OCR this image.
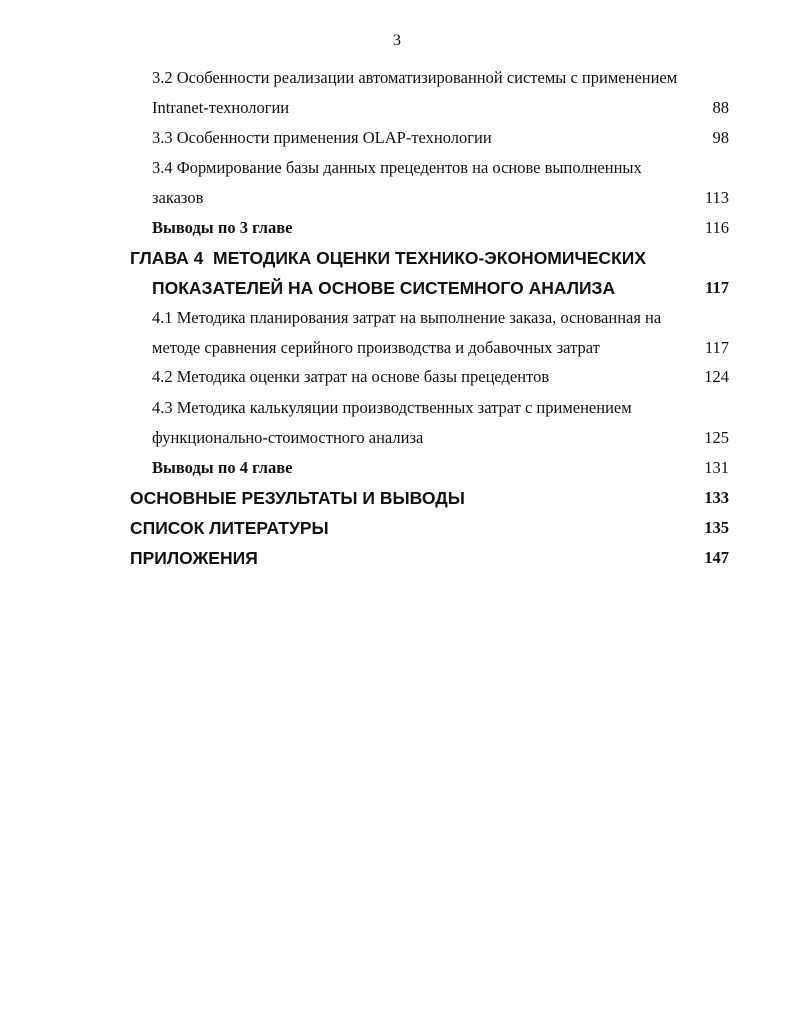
3
3.2 Особенности реализации автоматизированной системы с применением
Intranet-технологии	88
3.3 Особенности применения OLAP-технологии	98
3.4 Формирование базы данных прецедентов на основе выполненных
заказов	113
Выводы по 3 главе	116
ГЛАВА 4 МЕТОДИКА ОЦЕНКИ ТЕХНИКО-ЭКОНОМИЧЕСКИХ
ПОКАЗАТЕЛЕЙ НА ОСНОВЕ СИСТЕМНОГО АНАЛИЗА	117
4.1 Методика планирования затрат на выполнение заказа, основанная на
методе сравнения серийного производства и добавочных затрат	117
4.2 Методика оценки затрат на основе базы прецедентов	124
4.3 Методика калькуляции производственных затрат с применением
функционально-стоимостного анализа	125
Выводы по 4 главе	131
ОСНОВНЫЕ РЕЗУЛЬТАТЫ И ВЫВОДЫ	133
СПИСОК ЛИТЕРАТУРЫ	135
ПРИЛОЖЕНИЯ	147
